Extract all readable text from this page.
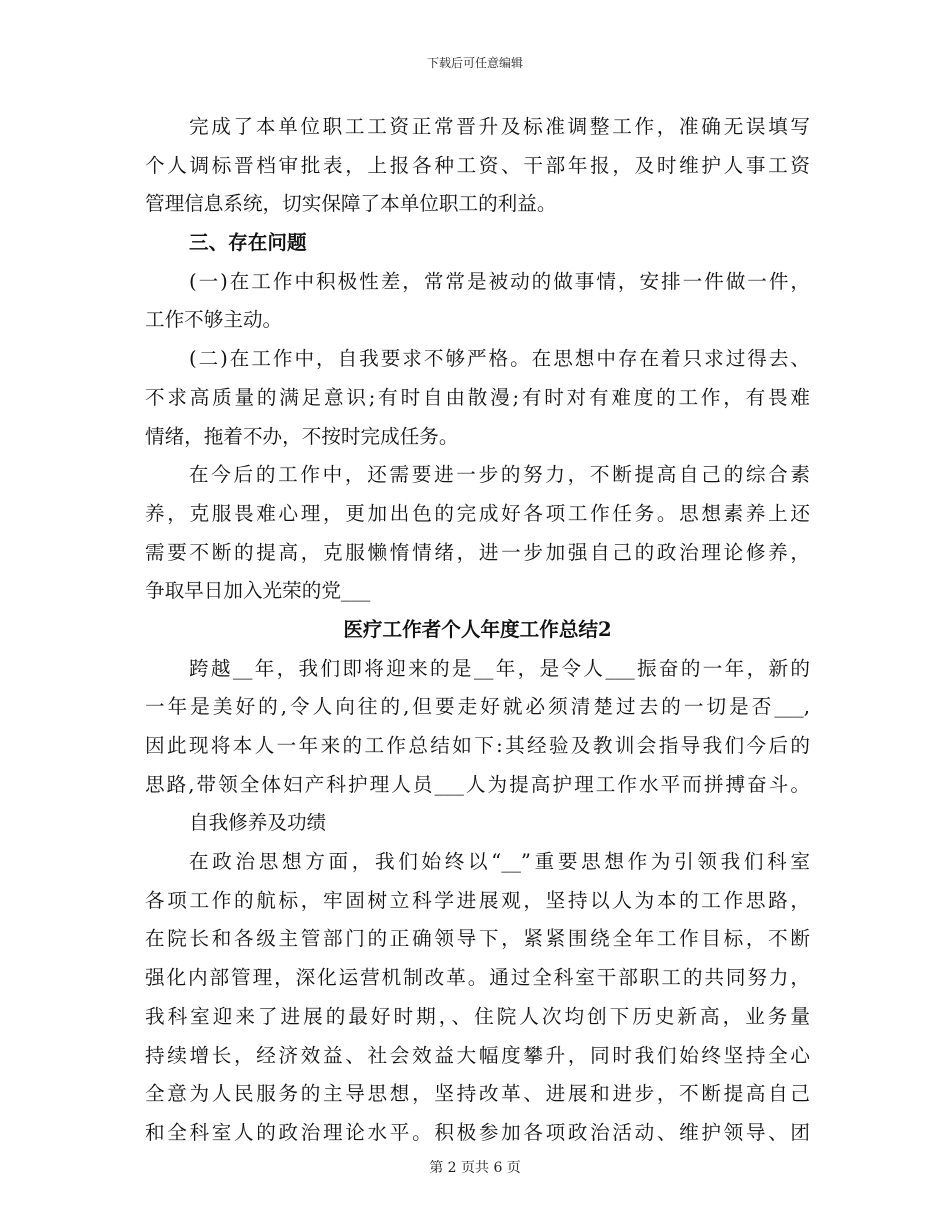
下载后可任意编辑
完成了本单位职工工资正常晋升及标准调整工作，准确无误填写
个人调标晋档审批表，上报各种工资、干部年报，及时维护人事工资
管理信息系统，切实保障了本单位职工的利益。
三、存在问题
(一)在工作中积极性差，常常是被动的做事情，安排一件做一件，
工作不够主动。
(二)在工作中，自我要求不够严格。在思想中存在着只求过得去、
不求高质量的满足意识;有时自由散漫;有时对有难度的工作，有畏难
情绪，拖着不办，不按时完成任务。
在今后的工作中，还需要进一步的努力，不断提高自己的综合素
养，克服畏难心理，更加出色的完成好各项工作任务。思想素养上还
需要不断的提高，克服懒惰情绪，进一步加强自己的政治理论修养，
争取早日加入光荣的党___
医疗工作者个人年度工作总结2
跨越__年，我们即将迎来的是__年，是令人___振奋的一年，新的
一年是美好的,令人向往的,但要走好就必须清楚过去的一切是否___,
因此现将本人一年来的工作总结如下:其经验及教训会指导我们今后的
思路,带领全体妇产科护理人员___人为提高护理工作水平而拼搏奋斗。
自我修养及功绩
在政治思想方面，我们始终以“__”重要思想作为引领我们科室
各项工作的航标，牢固树立科学进展观，坚持以人为本的工作思路，
在院长和各级主管部门的正确领导下，紧紧围绕全年工作目标，不断
强化内部管理，深化运营机制改革。通过全科室干部职工的共同努力，
我科室迎来了进展的最好时期，、住院人次均创下历史新高，业务量
持续增长，经济效益、社会效益大幅度攀升，同时我们始终坚持全心
全意为人民服务的主导思想，坚持改革、进展和进步，不断提高自己
和全科室人的政治理论水平。积极参加各项政治活动、维护领导、团
第 2 页共 6 页
